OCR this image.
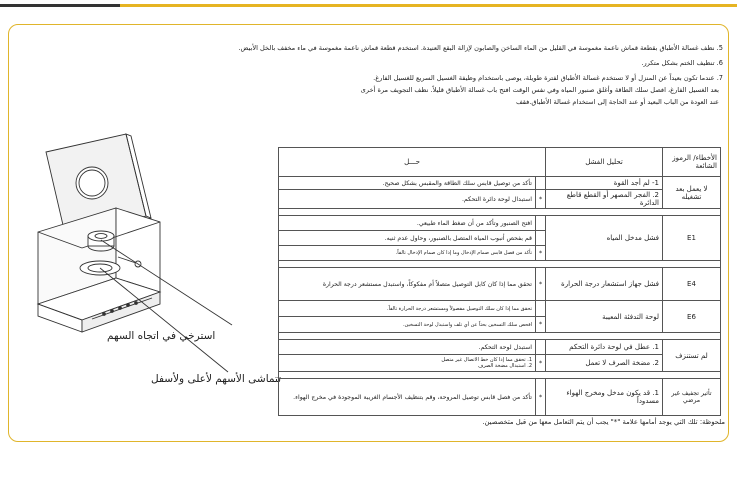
5. نظف غسالة الأطباق بقطعة قماش ناعمة مغموسة في القليل من الماء الساخن والصابون لإزالة البقع العنيدة. استخدم قطعة قماش ناعمة مغموسة في ماء مخفف بالخل الأبيض.

6. تنظيف الختم بشكل متكرر.

7. عندما تكون بعيداً عن المنزل أو لا تستخدم غسالة الأطباق لفترة طويلة، يوصى باستخدام وظيفة الغسيل السريع للغسيل الفارغ.

بعد الغسيل الفارغ، افصل سلك الطاقة وأغلق صنبور المياه وفي نفس الوقت افتح باب غسالة الأطباق قليلاً. نظف التجويف مرة أخرى

عند العودة من الباب البعيد أو عند الحاجة إلى استخدام غسالة الأطباق.فقف

استرخي في اتجاه السهم
تتماشى الأسهم لأعلى ولأسفل
الأخطاء/ الرموز الشائعة	تحليل الفشل	حـــل	
لا يعمل بعد تشغيله	1- لم أجد القوة		تأكد من توصيل قابس سلك الطاقة والمقبس بشكل صحيح.
	2. الفجر المصهر أو القطع قاطع الدائرة	*	استبدال لوحة دائرة التحكم.

E1	فشل مدخل المياه		افتح الصنبور وتأكد من أن ضغط الماء طبيعي.
			قم بفحص أنبوب المياه المتصل بالصنبور، وحاول عدم ثنيه.
		*	تأكد من فصل قابس صمام الإدخال وما إذا كان صمام الإدخال تالفاً.

E4	فشل جهاز استشعار درجة الحرارة	*	تحقق مما إذا كان كابل التوصيل متصلاً أم مفكوكاً، واستبدل مستشعر درجة الحرارة
E6	لوحة التدفئة المعيبة		تحقق مما إذا كان سلك التوصيل مفصولاً ومستشعر درجة الحرارة تالفاً.
		*	افحص سلك التسخين بحثاً عن أي تلف واستبدل لوحة التسخين.

لم تستنزف	1. عطل في لوحة دائرة التحكم		استبدل لوحة التحكم.
	2. مضخة الصرف لا تعمل	*	1. تحقق مما إذا كان خط الاتصال غير متصل
2. استبدال مضخة الصرف

تأثير تجفيف غير مرضي	1. قد يكون مدخل ومخرج الهواء مسدوداً	*	تأكد من فصل قابس توصيل المروحة، وقم بتنظيف الأجسام الغريبة الموجودة في مخرج الهواء.
ملحوظة: تلك التي يوجد أمامها علامة "*" يجب أن يتم التعامل معها من قبل متخصصين.
